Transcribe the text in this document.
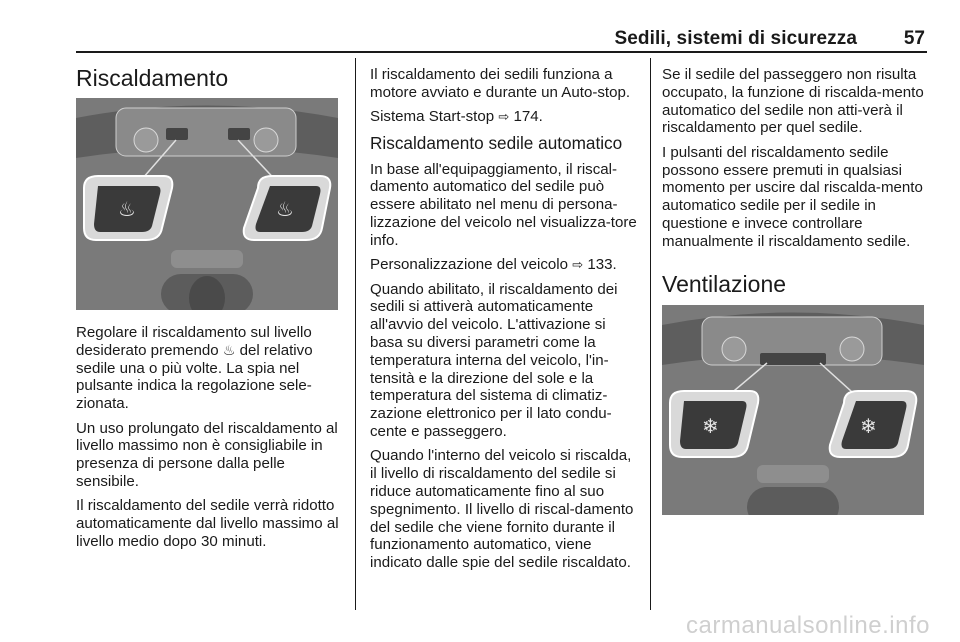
Sedili, sistemi di sicurezza 57
Riscaldamento
♨	♨

Regolare il riscaldamento sul livello desiderato premendo ♨ del relativo sedile una o più volte. La spia nel pulsante indica la regolazione sele-zionata.

Un uso prolungato del riscaldamento al livello massimo non è consigliabile in presenza di persone dalla pelle sensibile.

Il riscaldamento del sedile verrà ridotto automaticamente dal livello massimo al livello medio dopo 30 minuti.

Il riscaldamento dei sedili funziona a motore avviato e durante un Auto-stop.

Sistema Start-stop ⇨ 174.

Riscaldamento sedile automatico

In base all'equipaggiamento, il riscal-damento automatico del sedile può essere abilitato nel menu di persona-lizzazione del veicolo nel visualizza-tore info.

Personalizzazione del veicolo ⇨ 133.

Quando abilitato, il riscaldamento dei sedili si attiverà automaticamente all'avvio del veicolo. L'attivazione si basa su diversi parametri come la temperatura interna del veicolo, l'in-tensità e la direzione del sole e la temperatura del sistema di climatiz-zazione elettronico per il lato condu-cente e passeggero.

Quando l'interno del veicolo si riscalda, il livello di riscaldamento del sedile si riduce automaticamente fino al suo spegnimento. Il livello di riscal-damento del sedile che viene fornito durante il funzionamento automatico, viene indicato dalle spie del sedile riscaldato.

Se il sedile del passeggero non risulta occupato, la funzione di riscalda-mento automatico del sedile non atti-verà il riscaldamento per quel sedile.

I pulsanti del riscaldamento sedile possono essere premuti in qualsiasi momento per uscire dal riscalda-mento automatico sedile per il sedile in questione e invece controllare manualmente il riscaldamento sedile.

Ventilazione
❄	❄
carmanualsonline.info
